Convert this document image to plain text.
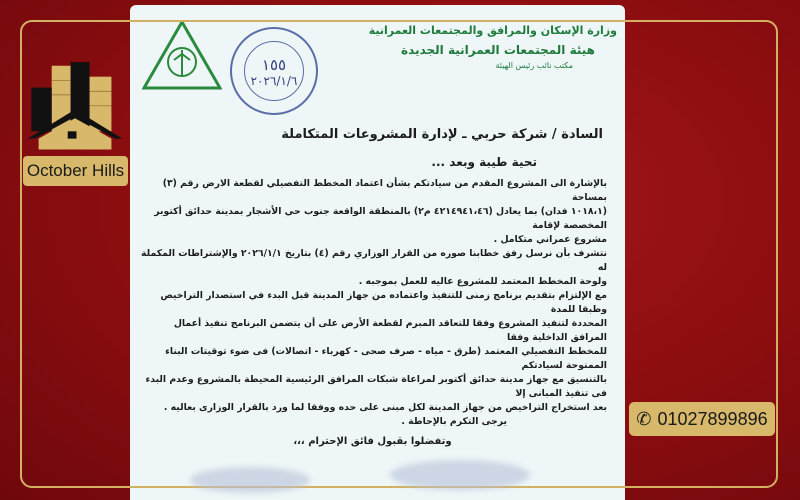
وزارة الإسكان والمرافق والمجتمعات العمرانية
هيئة المجتمعات العمرانية الجديدة
مكتب نائب رئيس الهيئة
١٥٥
٢٠٢٦/١/٦
السادة / شركة حربي ـ لإدارة المشروعات المتكاملة
تحية طيبة وبعد ...
بالإشارة الى المشروع المقدم من سيادتكم بشأن اعتماد المخطط التفصيلي لقطعة الارض رقم (٣) بمساحة
(١٠١٨،١ فدان) بما يعادل (٤٢١٤٩٤١،٤٦ م٢) بالمنطقة الواقعة جنوب حي الأشجار بمدينة حدائق أكتوبر المخصصة لإقامة
مشروع عمراني متكامل .
نتشرف بأن نرسل رفق خطابنا صوره من القرار الوزاري رقم (٤) بتاريخ ٢٠٢٦/١/١ والإشتراطات المكملة له
ولوحة المخطط المعتمد للمشروع عاليه للعمل بموجبه .
مع الإلتزام بتقديم برنامج زمنى للتنفيذ واعتماده من جهاز المدينة قبل البدء في استصدار التراخيص وطبقا للمدة
المحددة لتنفيذ المشروع وفقا للتعاقد المبرم لقطعة الأرض على أن يتضمن البرنامج تنفيذ أعمال المرافق الداخلية وفقا
للمخطط التفصيلي المعتمد (طرق - مياه - صرف صحى - كهرباء - اتصالات) فى ضوء توقيتات البناء الممنوحة لسيادتكم
بالتنسيق مع جهاز مدينة حدائق أكتوبر لمراعاة شبكات المرافق الرئيسية المحيطة بالمشروع وعدم البدء فى تنفيذ المبانى إلا
بعد استخراج التراخيص من جهاز المدينة لكل مبنى على حده ووفقا لما ورد بالقرار الوزارى بعاليه .
يرجى التكرم بالإحاطة .
وتفضلوا بقبول فائق الإحترام ،،،
October Hills
✆ 01027899896
